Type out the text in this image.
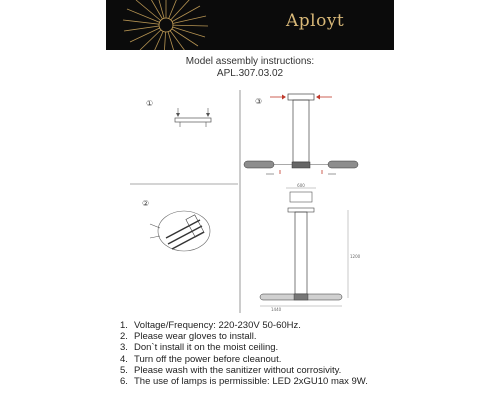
Aployt
Model assembly instructions:
APL.307.03.02
①
②
③
600
1200
1440
1. Voltage/Frequency: 220-230V 50-60Hz.
2. Please wear gloves to install.
3. Don`t install it on the moist ceiling.
4. Turn off the power before cleanout.
5. Please wash with the sanitizer without corrosivity.
6. The use of lamps is permissible: LED 2xGU10 max 9W.
